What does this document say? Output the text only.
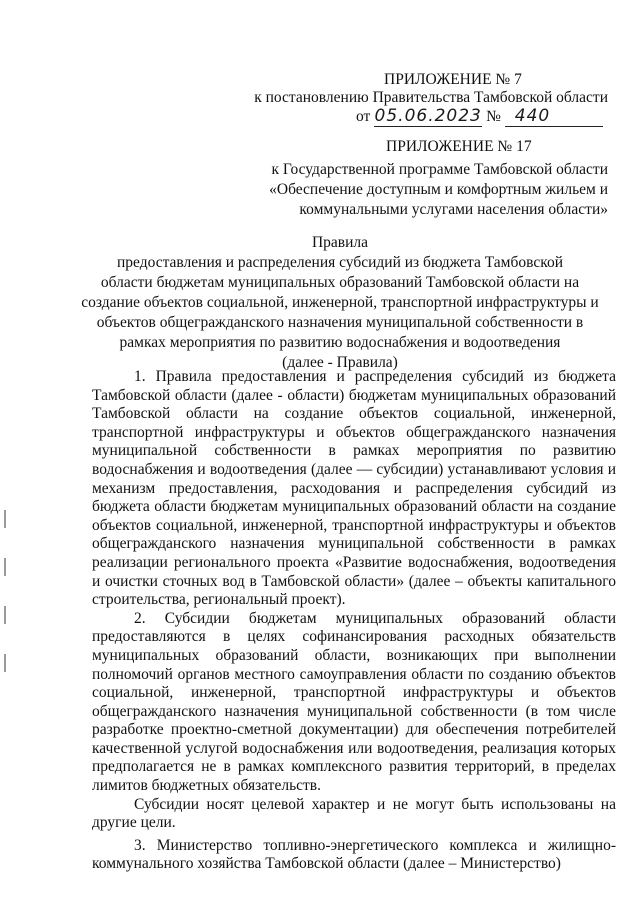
ПРИЛОЖЕНИЕ № 7
к постановлению Правительства Тамбовской области
от 05.06.2023 № 440
ПРИЛОЖЕНИЕ № 17
к Государственной программе Тамбовской области
«Обеспечение доступным и комфортным жильем и
коммунальными услугами населения области»
Правила
предоставления и распределения субсидий из бюджета Тамбовской
области бюджетам муниципальных образований Тамбовской области на
создание объектов социальной, инженерной, транспортной инфраструктуры и
объектов общегражданского назначения муниципальной собственности в
рамках мероприятия по развитию водоснабжения и водоотведения
(далее - Правила)

1. Правила предоставления и распределения субсидий из бюджета Тамбовской области (далее - области) бюджетам муниципальных образований Тамбовской области на создание объектов социальной, инженерной, транспортной инфраструктуры и объектов общегражданского назначения муниципальной собственности в рамках мероприятия по развитию водоснабжения и водоотведения (далее — субсидии) устанавливают условия и механизм предоставления, расходования и распределения субсидий из бюджета области бюджетам муниципальных образований области на создание объектов социальной, инженерной, транспортной инфраструктуры и объектов общегражданского назначения муниципальной собственности в рамках реализации регионального проекта «Развитие водоснабжения, водоотведения и очистки сточных вод в Тамбовской области» (далее – объекты капитального строительства, региональный проект).

2. Субсидии бюджетам муниципальных образований области предоставляются в целях софинансирования расходных обязательств муниципальных образований области, возникающих при выполнении полномочий органов местного самоуправления области по созданию объектов социальной, инженерной, транспортной инфраструктуры и объектов общегражданского назначения муниципальной собственности (в том числе разработке проектно-сметной документации) для обеспечения потребителей качественной услугой водоснабжения или водоотведения, реализация которых предполагается не в рамках комплексного развития территорий, в пределах лимитов бюджетных обязательств.

Субсидии носят целевой характер и не могут быть использованы на другие цели.

3. Министерство топливно-энергетического комплекса и жилищно-коммунального хозяйства Тамбовской области (далее – Министерство)
